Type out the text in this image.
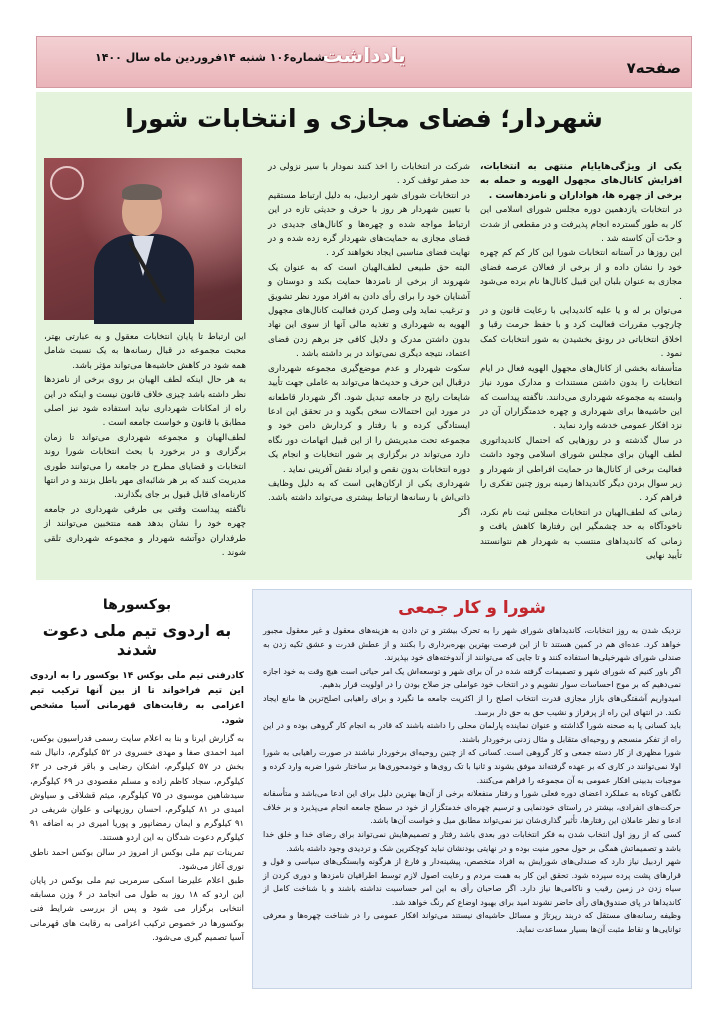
صفحه۷
یادداشت
شماره۱۰۶ شنبه ۱۴فروردین ماه سال ۱۴۰۰
شهردار؛ فضای مجازی و انتخابات شورا

یکی از ویژگی‌هایایام منتهی به انتخابات، افزایش کانال‌های مجهول الهویه و حمله به برخی از چهره ها، هواداران و نامزدهاست .

در انتخابات یازدهمین دوره مجلس شورای اسلامی این کار به طور گسترده انجام پذیرفت و در مقطعی از شدت و حدّت آن کاسته شد .

این روزها در آستانه انتخابات شورا این کار کم کم چهره خود را نشان داده و از برخی از فعالان عرصه فضای مجازی به عنوان بلبان این قبیل کانال‌ها نام برده می‌شود .

می‌توان بر له و یا علیه کاندیدایی با رعایت قانون و در چارچوب مقررات فعالیت کرد و با حفظ حرمت رقبا و اخلاق انتخاباتی در رونق بخشیدن به شور انتخابات کمک نمود .

متأسفانه بخشی از کانال‌های مجهول الهویه فعال در ایام انتخابات را بدون داشتن مستندات و مدارک مورد نیاز وابسته به مجموعه شهرداری می‌دانند. ناگفته پیداست که این حاشیه‌ها برای شهرداری و چهره خدمتگزاران آن در نزد افکار عمومی خدشه وارد نماید .

در سال گذشته و در روزهایی که احتمال کاندیداتوری لطف الهیان برای مجلس شورای اسلامی وجود داشت فعالیت برخی از کانال‌ها در حمایت افراطی از شهردار و زیر سوال بردن دیگر کاندیداها زمینه بروز چنین تفکری را فراهم کرد .

زمانی که لطف‌الهیان در انتخابات مجلس ثبت نام نکرد، ناخودآگاه به حد چشمگیر این رفتارها کاهش یافت و زمانی که کاندیداهای منتسب به شهردار هم نتوانستند تأیید نهایی

شرکت در انتخابات را اخذ کنند نمودار با سیر نزولی در حد صفر توقف کرد .

در انتخابات شورای شهر اردبیل، به دلیل ارتباط مستقیم با تعیین شهردار هر روز با حرف و حدیثی تازه در این ارتباط مواجه شده و چهره‌ها و کانال‌های جدیدی در فضای مجازی به حمایت‌های شهردار گره زده شده و در نهایت فضای مناسبی ایجاد نخواهند کرد .

البته حق طبیعی لطف‌الهیان است که به عنوان یک شهروند از برخی از نامزدها حمایت بکند و دوستان و آشنایان خود را برای رأی دادن به افراد مورد نظر تشویق و ترغیب نماید ولی وصل کردن فعالیت کانال‌های مجهول الهویه به شهرداری و تغذیه مالی آنها از سوی این نهاد بدون داشتن مدرک و دلایل کافی جز برهم زدن فضای اعتماد، نتیجه دیگری نمی‌تواند در بر داشته باشد .

سکوت شهردار و عدم موضع‌گیری مجموعه شهرداری درقبال این حرف و حدیث‌ها می‌تواند به عاملی جهت تأیید شایعات رایج در جامعه تبدیل شود. اگر شهردار قاطعانه در مورد این احتمالات سخن بگوید و در تحقق این ادعا ایستادگی کرده و با رفتار و کردارش دامن خود و مجموعه تحت مدیریتش را از این قبیل اتهامات دور نگاه دارد می‌تواند در برگزاری پر شور انتخابات و انجام یک دوره انتخابات بدون نقص و ایراد نقش آفرینی نماید .

شهرداری یکی از ارکان‌هایی است که به دلیل وظایف ذاتی‌اش با رسانه‌ها ارتباط بیشتری می‌تواند داشته باشد. اگر

این ارتباط تا پایان انتخابات معقول و به عبارتی بهتر، محبت مجموعه در قبال رسانه‌ها به یک نسبت شامل همه شود در کاهش حاشیه‌ها می‌تواند مؤثر باشد.

به هر حال اینکه لطف الهیان بر روی برخی از نامزدها نظر داشته باشد چیزی خلاف قانون نیست و اینکه در این راه از امکانات شهرداری نباید استفاده شود نیز اصلی مطابق با قانون و خواست جامعه است .

لطف‌الهیان و مجموعه شهرداری می‌تواند تا زمان برگزاری و در برخورد با بحث انتخابات شورا روند انتخابات و قضایای مطرح در جامعه را می‌توانند طوری مدیریت کنند که بر هر شائبه‌ای مهر باطل بزنند و در انتها کارنامه‌ای قابل قبول بر جای بگذارند.

ناگفته پیداست وقتی بی طرفی شهرداری در جامعه چهره خود را نشان بدهد همه منتخبین می‌توانند از طرفداران دوآتشه شهردار و مجموعه شهرداری تلقی شوند .

شورا و کار جمعی

نزدیک شدن به روز انتخابات، کاندیداهای شورای شهر را به تحرک بیشتر و تن دادن به هزینه‌های معقول و غیر معقول مجبور خواهد کرد. عده‌ای هم در کمین هستند تا از این فرصت بهترین بهره‌برداری را بکنند و از عطش قدرت و عشق تکیه زدن به صندلی شورای شهرخیلی‌ها استفاده کنند و تا جایی که می‌توانند از آندوخته‌های خود بپذیرند.

اگر باور کنیم که شورای شهر و تصمیمات گرفته شده در آن برای شهر و توسعه‌اش یک امر حیاتی است هیچ وقت به خود اجازه نمی‌دهیم که بر موج احساسات سوار نشویم و در انتخاب خود عواملی جز صلاح بودن را در اولویت قرار بدهیم.

امیدواریم آشفتگی‌های بازار مجازی قدرت انتخاب اصلح را از اکثریت جامعه ما نگیرد و برای راهیابی اصلح‌ترین ها مانع ایجاد نکند. در انتهای این راه از پرفراز و نشیب حق به حق دار برسد.

باید کسانی پا به صحنه شورا گذاشته و عنوان نماینده پارلمان محلی را داشته باشند که قادر به انجام کار گروهی بوده و در این راه از تفکر منسجم و روحیه‌ای متقابل و مثال زدنی برخوردار باشند.

شورا مظهری از کار دسته جمعی و کار گروهی است. کسانی که از چنین روحیه‌ای برخوردار نباشند در صورت راهیابی به شورا اولا نمی‌توانند در کاری که بر عهده گرفته‌اند موفق بشوند و ثانیا با تک روی‌ها و خودمحوری‌ها بر ساختار شورا ضربه وارد کرده و موجبات بدبینی افکار عمومی به آن مجموعه را فراهم می‌کنند.

نگاهی کوتاه به عملکرد اعضای دوره فعلی شورا و رفتار منفعلانه برخی از آن‌ها بهترین دلیل برای این ادعا می‌باشد و متأسفانه حرکت‌های انفرادی، بیشتر در راستای خودنمایی و ترسیم چهره‌ای خدمتگزار از خود در سطح جامعه انجام می‌پذیرد و بر خلاف ادعا و نظر عاملان این رفتارها، تأثیر گذاری‌شان نیز نمی‌تواند مطابق میل و خواست آن‌ها باشد.

کسی که از روز اول انتخاب شدن به فکر انتخابات دور بعدی باشد رفتار و تصمیم‌هایش نمی‌تواند برای رضای خدا و خلق خدا باشد و تصمیماتش همگی بر حول محور منیت بوده و در نهایتی بودنشان نباید کوچکترین شک و تردیدی وجود داشته باشد.

شهر اردبیل نیاز دارد که صندلی‌های شورایش به افراد متخصص، پیشینه‌دار و فارغ از هرگونه وابستگی‌های سیاسی و قول و قرارهای پشت پرده سپرده شود. تحقق این کار به همت مردم و رعایت اصول لازم توسط اطرافیان نامزدها و دوری کردن از سیاه زدن در زمین رقیب و ناکامی‌ها نیاز دارد. اگر صاحبان رأی به این امر حساسیت نداشته باشند و با شناخت کامل از کاندیداها در پای صندوق‌های رأی حاضر نشوند امید برای بهبود اوضاع کم رنگ خواهد شد.

وظیفه رسانه‌های مستقل که دربند رپرتاژ و مسائل حاشیه‌ای نیستند می‌تواند افکار عمومی را در شناخت چهره‌ها و معرفی توانایی‌ها و نقاط مثبت آن‌ها بسیار مساعدت نماید.

بوکسورها
به اردوی تیم ملی دعوت شدند
کادرفنی تیم ملی بوکس ۱۴ بوکسور را به اردوی این تیم فراخواند تا از بین آنها ترکیب تیم اعزامی به رقابت‌های قهرمانی آسیا مشخص شود.

به گزارش ایرنا و بنا به اعلام سایت رسمی فدراسیون بوکس، امید احمدی صفا و مهدی خسروی در ۵۲ کیلوگرم، دانیال شه بخش در ۵۷ کیلوگرم، اشکان رضایی و باقر فرجی در ۶۳ کیلوگرم، سجاد کاظم زاده و مسلم مقصودی در ۶۹ کیلوگرم، سیدشاهین موسوی در ۷۵ کیلوگرم، میثم قشلاقی و سیاوش امیدی در ۸۱ کیلوگرم، احسان روزبهانی و علوان شریفی در ۹۱ کیلوگرم و ایمان رمضانپور و پوریا امیری در به اضافه ۹۱ کیلوگرم دعوت شدگان به این اردو هستند.

تمرینات تیم ملی بوکس از امروز در سالن بوکس احمد ناطق نوری آغاز می‌شود.

طبق اعلام علیرضا اسکی سرمربی تیم ملی بوکس در پایان این اردو که ۱۸ روز به طول می انجامد در ۶ وزن مسابقه انتخابی برگزار می شود و پس از بررسی شرایط فنی بوکسورها در خصوص ترکیب اعزامی به رقابت های قهرمانی آسیا تصمیم گیری می‌شود.
